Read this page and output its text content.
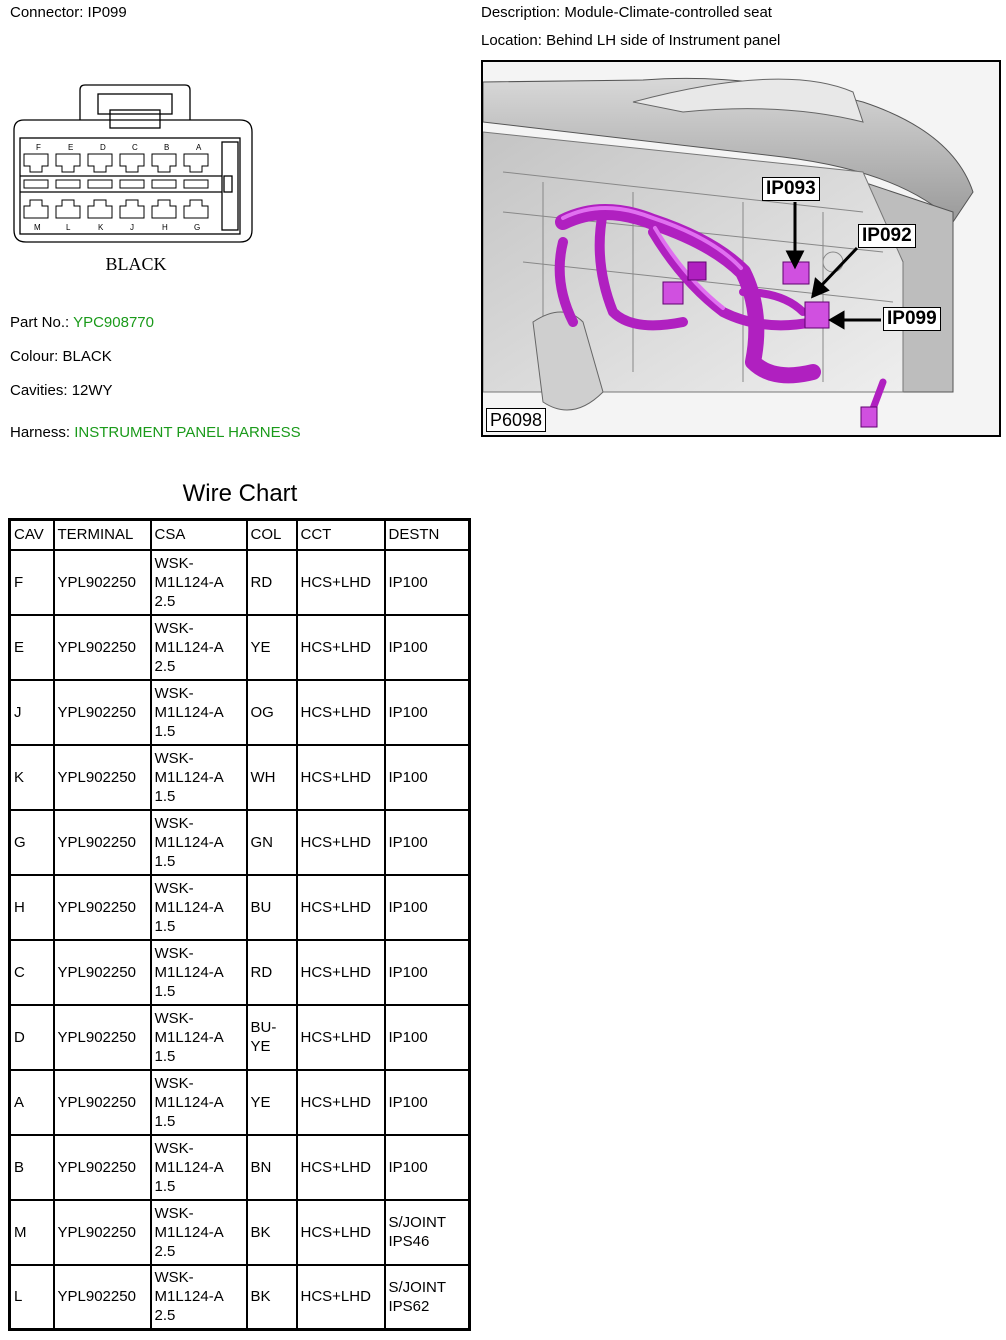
Connector: IP099	Description: Module-Climate-controlled seat
Location: Behind LH side of Instrument panel
F	E	D	C	B	A
M	L	K	J	H	G
BLACK
Part No.: YPC908770
Colour: BLACK
Cavities: 12WY
Harness: INSTRUMENT PANEL HARNESS
IP093
IP092
IP099
P6098
Wire Chart
CAV	TERMINAL	CSA	COL	CCT	DESTN
F	YPL902250	WSK-
M1L124-A
2.5	RD	HCS+LHD	IP100

E	YPL902250	WSK-
M1L124-A
2.5	YE	HCS+LHD	IP100

J	YPL902250	WSK-
M1L124-A
1.5	OG	HCS+LHD	IP100

K	YPL902250	WSK-
M1L124-A
1.5	WH	HCS+LHD	IP100

G	YPL902250	WSK-
M1L124-A
1.5	GN	HCS+LHD	IP100

H	YPL902250	WSK-
M1L124-A
1.5	BU	HCS+LHD	IP100

C	YPL902250	WSK-
M1L124-A
1.5	RD	HCS+LHD	IP100

D	YPL902250	WSK-
M1L124-A
1.5	BU-
YE	HCS+LHD	IP100

A	YPL902250	WSK-
M1L124-A
1.5	YE	HCS+LHD	IP100

B	YPL902250	WSK-
M1L124-A
1.5	BN	HCS+LHD	IP100

M	YPL902250	WSK-
M1L124-A
2.5	BK	HCS+LHD	S/JOINT
IPS46

L	YPL902250	WSK-
M1L124-A
2.5	BK	HCS+LHD	S/JOINT
IPS62
